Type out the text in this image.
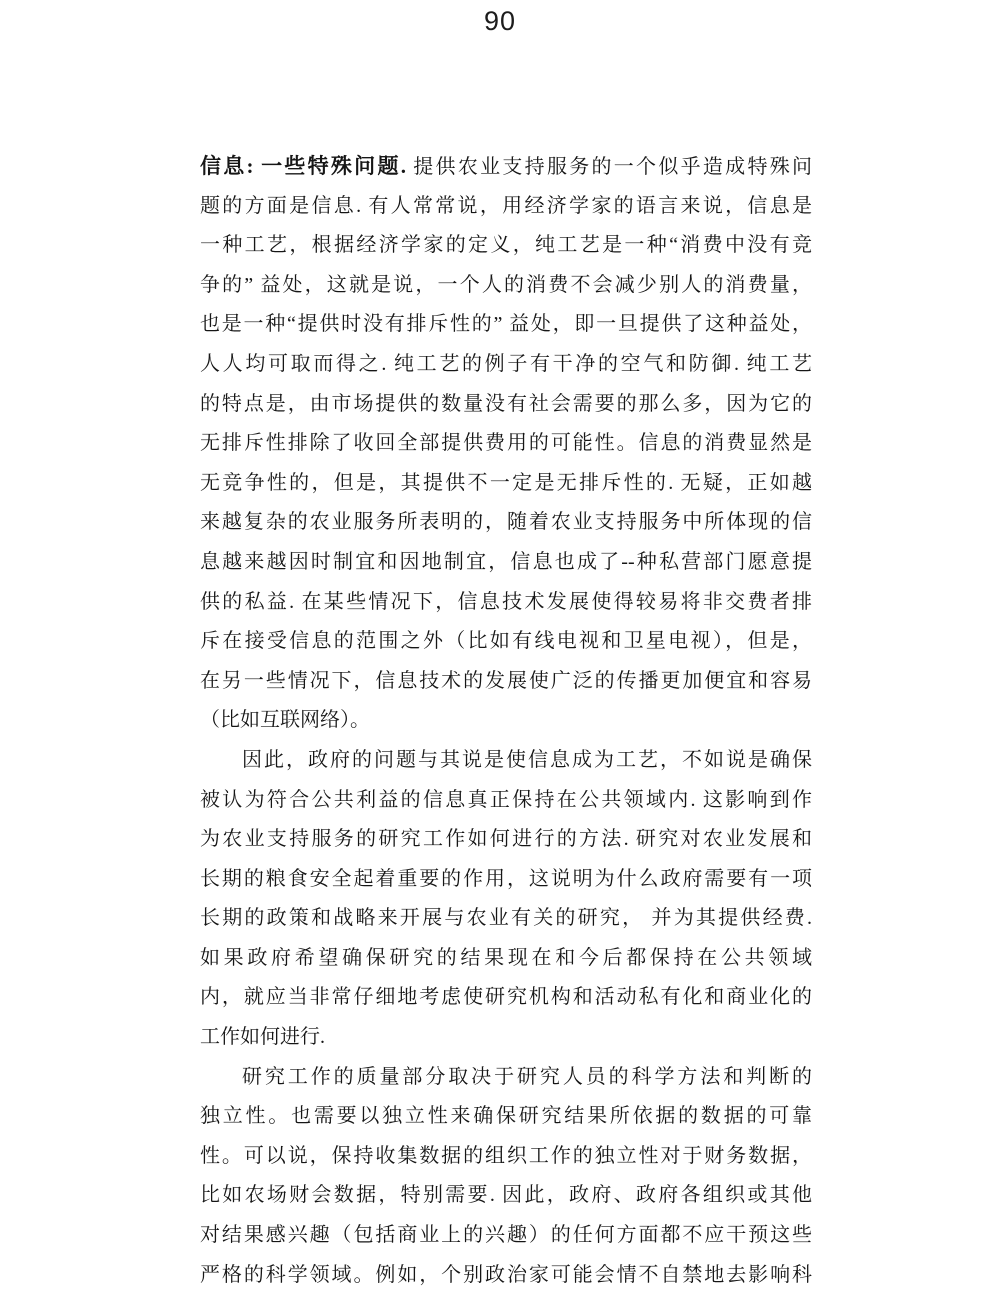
90
信息: 一些特殊问题. 提供农业支持服务的一个似乎造成特殊问
题的方面是信息. 有人常常说，用经济学家的语言来说，信息是
一种工艺，根据经济学家的定义，纯工艺是一种“消费中没有竞
争的” 益处，这就是说，一个人的消费不会减少别人的消费量，
也是一种“提供时没有排斥性的” 益处，即一旦提供了这种益处，
人人均可取而得之. 纯工艺的例子有干净的空气和防御. 纯工艺
的特点是，由市场提供的数量没有社会需要的那么多，因为它的
无排斥性排除了收回全部提供费用的可能性。信息的消费显然是
无竞争性的，但是，其提供不一定是无排斥性的. 无疑，正如越
来越复杂的农业服务所表明的，随着农业支持服务中所体现的信
息越来越因时制宜和因地制宜，信息也成了--种私营部门愿意提
供的私益. 在某些情况下，信息技术发展使得较易将非交费者排
斥在接受信息的范围之外（比如有线电视和卫星电视），但是，
在另一些情况下，信息技术的发展使广泛的传播更加便宜和容易
（比如互联网络）。
因此，政府的问题与其说是使信息成为工艺，不如说是确保
被认为符合公共利益的信息真正保持在公共领域内. 这影响到作
为农业支持服务的研究工作如何进行的方法. 研究对农业发展和
长期的粮食安全起着重要的作用，这说明为什么政府需要有一项
长期的政策和战略来开展与农业有关的研究， 并为其提供经费.
如果政府希望确保研究的结果现在和今后都保持在公共领域
内，就应当非常仔细地考虑使研究机构和活动私有化和商业化的
工作如何进行.
研究工作的质量部分取决于研究人员的科学方法和判断的
独立性。也需要以独立性来确保研究结果所依据的数据的可靠
性。可以说，保持收集数据的组织工作的独立性对于财务数据，
比如农场财会数据，特别需要. 因此，政府、政府各组织或其他
对结果感兴趣（包括商业上的兴趣）的任何方面都不应干预这些
严格的科学领域。例如，个别政治家可能会情不自禁地去影响科
